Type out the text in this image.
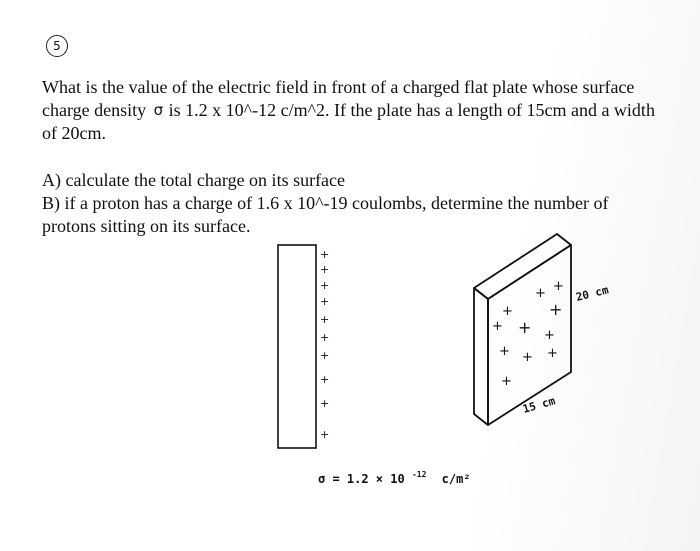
5
What is the value of the electric field in front of a charged flat plate whose surface charge density σ is 1.2 x 10^-12 c/m^2. If the plate has a length of 15cm and a width of 20cm.

A) calculate the total charge on its surface

B) if a proton has a charge of 1.6 x 10^-19 coulombs, determine the number of protons sitting on its surface.

+
+
+
+
+
+
+
+
+
+
+ +
+ +
+ + +
+ + +
+
20 cm
15 cm
σ = 1.2 × 10 $^{-12}$ c/m²
